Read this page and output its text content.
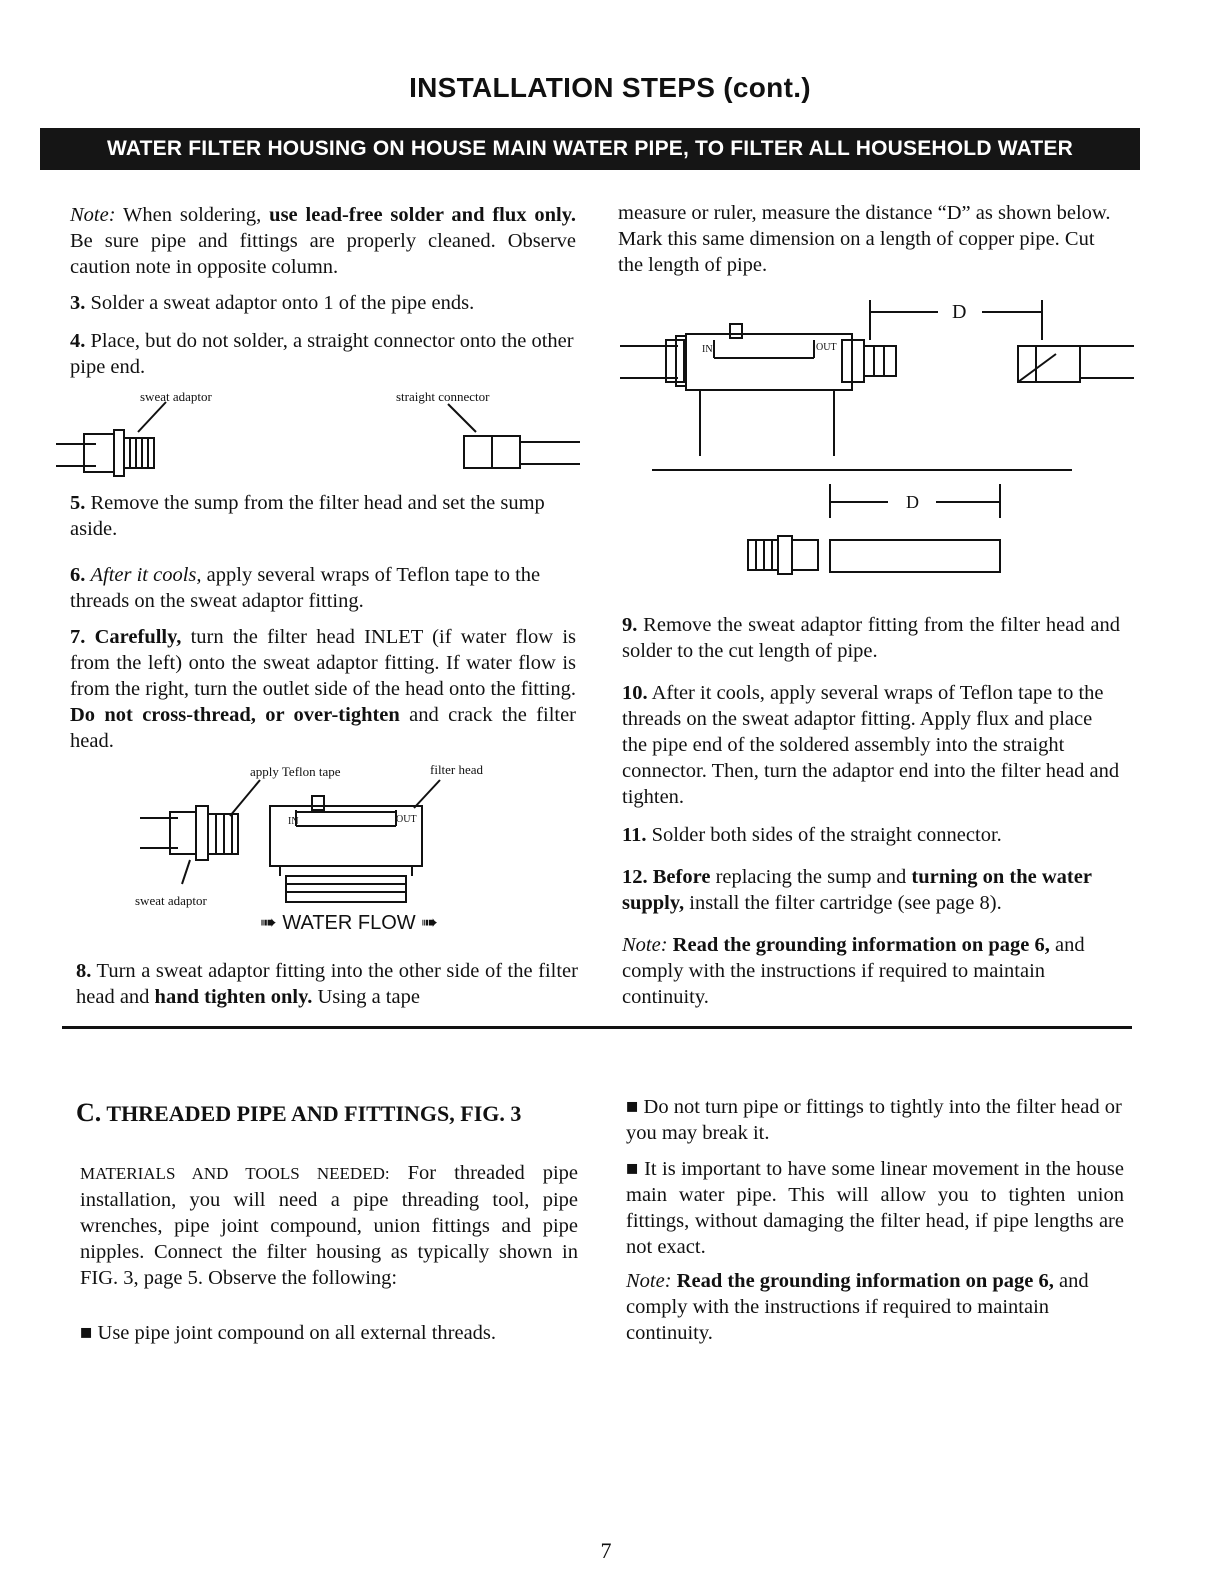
INSTALLATION STEPS (cont.)
WATER FILTER HOUSING ON HOUSE MAIN WATER PIPE, TO FILTER ALL HOUSEHOLD WATER
Note: When soldering, use lead-free solder and flux only. Be sure pipe and fittings are properly cleaned. Observe caution note in opposite column.
3. Solder a sweat adaptor onto 1 of the pipe ends.
4. Place, but do not solder, a straight connector onto the other pipe end.
sweat adaptor	straight connector
5. Remove the sump from the filter head and set the sump aside.
6. After it cools, apply several wraps of Teflon tape to the threads on the sweat adaptor fitting.
7. Carefully, turn the filter head INLET (if water flow is from the left) onto the sweat adaptor fitting. If water flow is from the right, turn the outlet side of the head onto the fitting. Do not cross-thread, or over-tighten and crack the filter head.
apply Teflon tape	filter head
IN	OUT
sweat adaptor
➠ WATER FLOW ➠
8. Turn a sweat adaptor fitting into the other side of the filter head and hand tighten only. Using a tape
measure or ruler, measure the distance “D” as shown below. Mark this same dimension on a length of copper pipe. Cut the length of pipe.
D
D
IN	OUT
9. Remove the sweat adaptor fitting from the filter head and solder to the cut length of pipe.
10. After it cools, apply several wraps of Teflon tape to the threads on the sweat adaptor fitting. Apply flux and place the pipe end of the soldered assembly into the straight connector. Then, turn the adaptor end into the filter head and tighten.
11. Solder both sides of the straight connector.
12. Before replacing the sump and turning on the water supply, install the filter cartridge (see page 8).
Note: Read the grounding information on page 6, and comply with the instructions if required to maintain continuity.
C. THREADED PIPE AND FITTINGS, FIG. 3
MATERIALS AND TOOLS NEEDED: For threaded pipe installation, you will need a pipe threading tool, pipe wrenches, pipe joint compound, union fittings and pipe nipples. Connect the filter housing as typically shown in FIG. 3, page 5. Observe the following:
■ Use pipe joint compound on all external threads.
■ Do not turn pipe or fittings to tightly into the filter head or you may break it.
■ It is important to have some linear movement in the house main water pipe. This will allow you to tighten union fittings, without damaging the filter head, if pipe lengths are not exact.
Note: Read the grounding information on page 6, and comply with the instructions if required to maintain continuity.
7
